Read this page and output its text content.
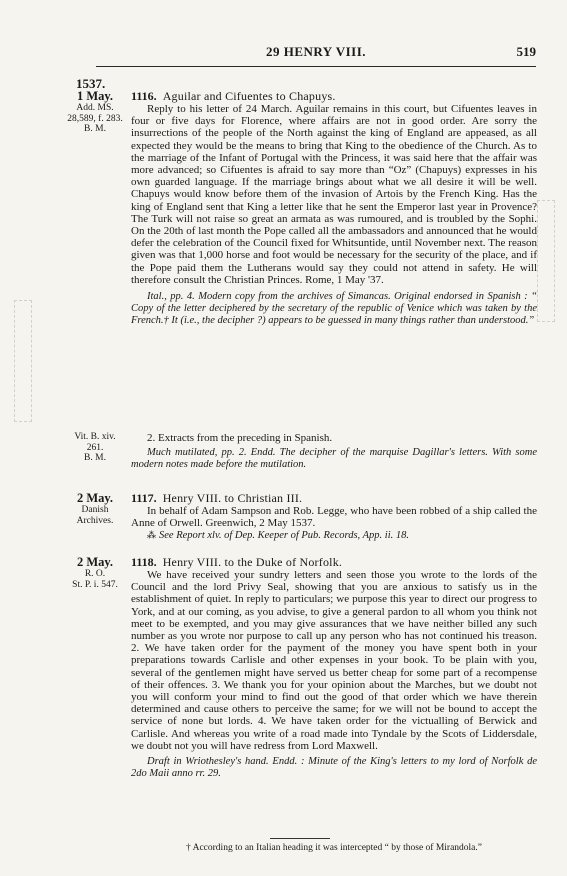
29 HENRY VIII.	519
1537.
1 May.
Add. MS.
28,589, f. 283.
B. M.
1116. Aguilar and Cifuentes to Chapuys.

Reply to his letter of 24 March. Aguilar remains in this court, but Cifuentes leaves in four or five days for Florence, where affairs are not in good order. Are sorry the insurrections of the people of the North against the king of England are appeased, as all expected they would be the means to bring that King to the obedience of the Church. As to the marriage of the Infant of Portugal with the Princess, it was said here that the affair was more advanced; so Cifuentes is afraid to say more than “Oz” (Chapuys) expresses in his own guarded language. If the marriage brings about what we all desire it will be well. Chapuys would know before them of the invasion of Artois by the French King. Has the king of England sent that King a letter like that he sent the Emperor last year in Provence? The Turk will not raise so great an armata as was rumoured, and is troubled by the Sophi. On the 20th of last month the Pope called all the ambassadors and announced that he would defer the celebration of the Council fixed for Whitsuntide, until November next. The reason given was that 1,000 horse and foot would be necessary for the security of the place, and if the Pope paid them the Lutherans would say they could not attend in safety. He will therefore consult the Christian Princes. Rome, 1 May '37.

Ital., pp. 4. Modern copy from the archives of Simancas. Original endorsed in Spanish : “ Copy of the letter deciphered by the secretary of the republic of Venice which was taken by the French.† It (i.e., the decipher ?) appears to be guessed in many things rather than understood.”

Vit. B. xiv.
261.
B. M.

2. Extracts from the preceding in Spanish.

Much mutilated, pp. 2. Endd. The decipher of the marquise Dagillar's letters. With some modern notes made before the mutilation.

2 May.
Danish
Archives.
1117. Henry VIII. to Christian III.

In behalf of Adam Sampson and Rob. Legge, who have been robbed of a ship called the Anne of Orwell. Greenwich, 2 May 1537.

⁂ See Report xlv. of Dep. Keeper of Pub. Records, App. ii. 18.

2 May.
R. O.
St. P. i. 547.
1118. Henry VIII. to the Duke of Norfolk.

We have received your sundry letters and seen those you wrote to the lords of the Council and the lord Privy Seal, showing that you are anxious to satisfy us in the establishment of quiet. In reply to particulars; we purpose this year to direct our progress to York, and at our coming, as you advise, to give a general pardon to all whom you think not meet to be exempted, and you may give assurances that we have neither billed any such number as you wrote nor purpose to call up any person who has not continued his treason. 2. We have taken order for the payment of the money you have spent both in your preparations towards Carlisle and other expenses in your book. To be plain with you, several of the gentlemen might have served us better cheap for some part of a recompense of their offences. 3. We thank you for your opinion about the Marches, but we doubt not you will conform your mind to find out the good of that order which we have therein determined and cause others to perceive the same; for we will not be bound to accept the service of none but lords. 4. We have taken order for the victualling of Berwick and Carlisle. And whereas you write of a road made into Tyndale by the Scots of Liddersdale, we doubt not you will have redress from Lord Maxwell.

Draft in Wriothesley's hand. Endd. : Minute of the King's letters to my lord of Norfolk de 2do Maii anno rr. 29.

† According to an Italian heading it was intercepted “ by those of Mirandola.”
